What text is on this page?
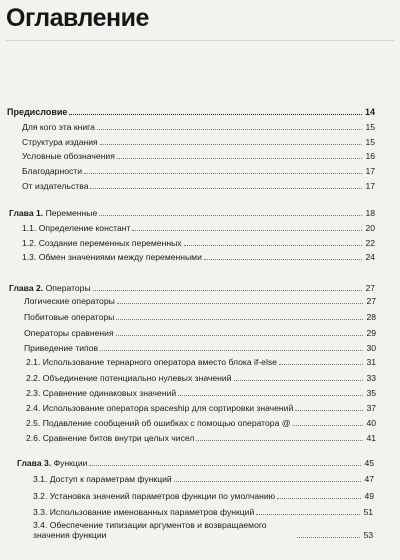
Оглавление
Предисловие	14
Для кого эта книга	15
Структура издания	15
Условные обозначения	16
Благодарности	17
От издательства	17
Глава 1. Переменные	18
1.1. Определение констант	20
1.2. Создание переменных переменных	22
1.3. Обмен значениями между переменными	24
Глава 2. Операторы	27
Логические операторы	27
Побитовые операторы	28
Операторы сравнения	29
Приведение типов	30
2.1. Использование тернарного оператора вместо блока if-else	31
2.2. Объединение потенциально нулевых значений	33
2.3. Сравнение одинаковых значений	35
2.4. Использование оператора spaceship для сортировки значений	37
2.5. Подавление сообщений об ошибках с помощью оператора @	40
2.6. Сравнение битов внутри целых чисел	41
Глава 3. Функции	45
3.1. Доступ к параметрам функций	47
3.2. Установка значений параметров функции по умолчанию	49
3.3. Использование именованных параметров функций	51
3.4. Обеспечение типизации аргументов и возвращаемого значения функции	53
